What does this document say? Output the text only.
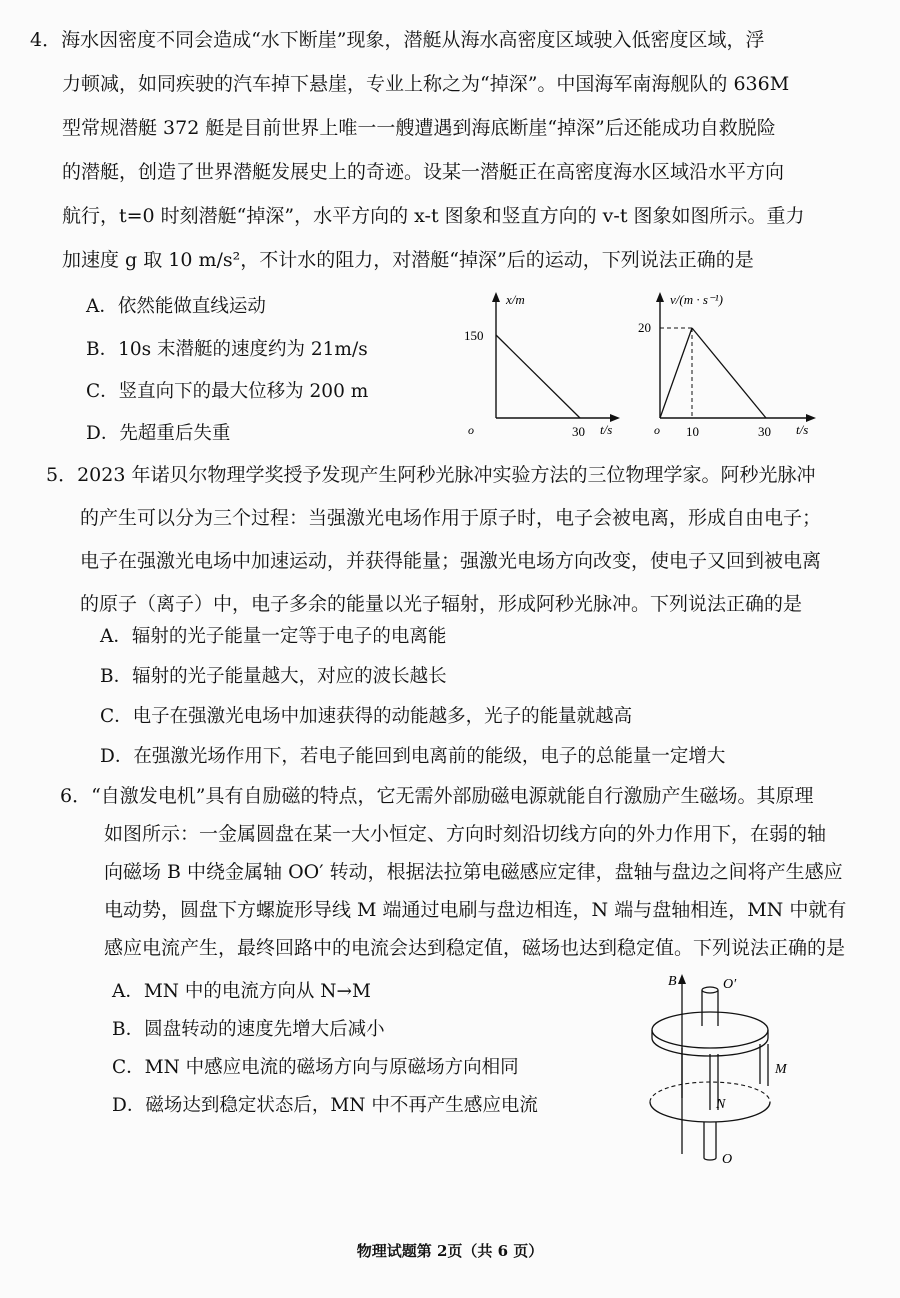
4．海水因密度不同会造成“水下断崖”现象，潜艇从海水高密度区域驶入低密度区域，浮
力顿减，如同疾驶的汽车掉下悬崖，专业上称之为“掉深”。中国海军南海舰队的 636M
型常规潜艇 372 艇是目前世界上唯一一艘遭遇到海底断崖“掉深”后还能成功自救脱险
的潜艇，创造了世界潜艇发展史上的奇迹。设某一潜艇正在高密度海水区域沿水平方向
航行，t=0 时刻潜艇“掉深”，水平方向的 x-t 图象和竖直方向的 v-t 图象如图所示。重力
加速度 g 取 10 m/s²，不计水的阻力，对潜艇“掉深”后的运动，下列说法正确的是
A．依然能做直线运动
B．10s 末潜艇的速度约为 21m/s
C．竖直向下的最大位移为 200 m
D．先超重后失重
x/m
150
o	30 t/s
v/(m · s⁻¹)
20
o 10	30 t/s
5．2023 年诺贝尔物理学奖授予发现产生阿秒光脉冲实验方法的三位物理学家。阿秒光脉冲
的产生可以分为三个过程：当强激光电场作用于原子时，电子会被电离，形成自由电子；
电子在强激光电场中加速运动，并获得能量；强激光电场方向改变，使电子又回到被电离
的原子（离子）中，电子多余的能量以光子辐射，形成阿秒光脉冲。下列说法正确的是
A．辐射的光子能量一定等于电子的电离能
B．辐射的光子能量越大，对应的波长越长
C．电子在强激光电场中加速获得的动能越多，光子的能量就越高
D．在强激光场作用下，若电子能回到电离前的能级，电子的总能量一定增大
6．“自激发电机”具有自励磁的特点，它无需外部励磁电源就能自行激励产生磁场。其原理
如图所示：一金属圆盘在某一大小恒定、方向时刻沿切线方向的外力作用下，在弱的轴
向磁场 B 中绕金属轴 OO′ 转动，根据法拉第电磁感应定律，盘轴与盘边之间将产生感应
电动势，圆盘下方螺旋形导线 M 端通过电刷与盘边相连，N 端与盘轴相连，MN 中就有
感应电流产生，最终回路中的电流会达到稳定值，磁场也达到稳定值。下列说法正确的是
A．MN 中的电流方向从 N→M
B．圆盘转动的速度先增大后减小
C．MN 中感应电流的磁场方向与原磁场方向相同
D．磁场达到稳定状态后，MN 中不再产生感应电流
B	O′
M
N
O
物理试题第 2页（共 6 页）
